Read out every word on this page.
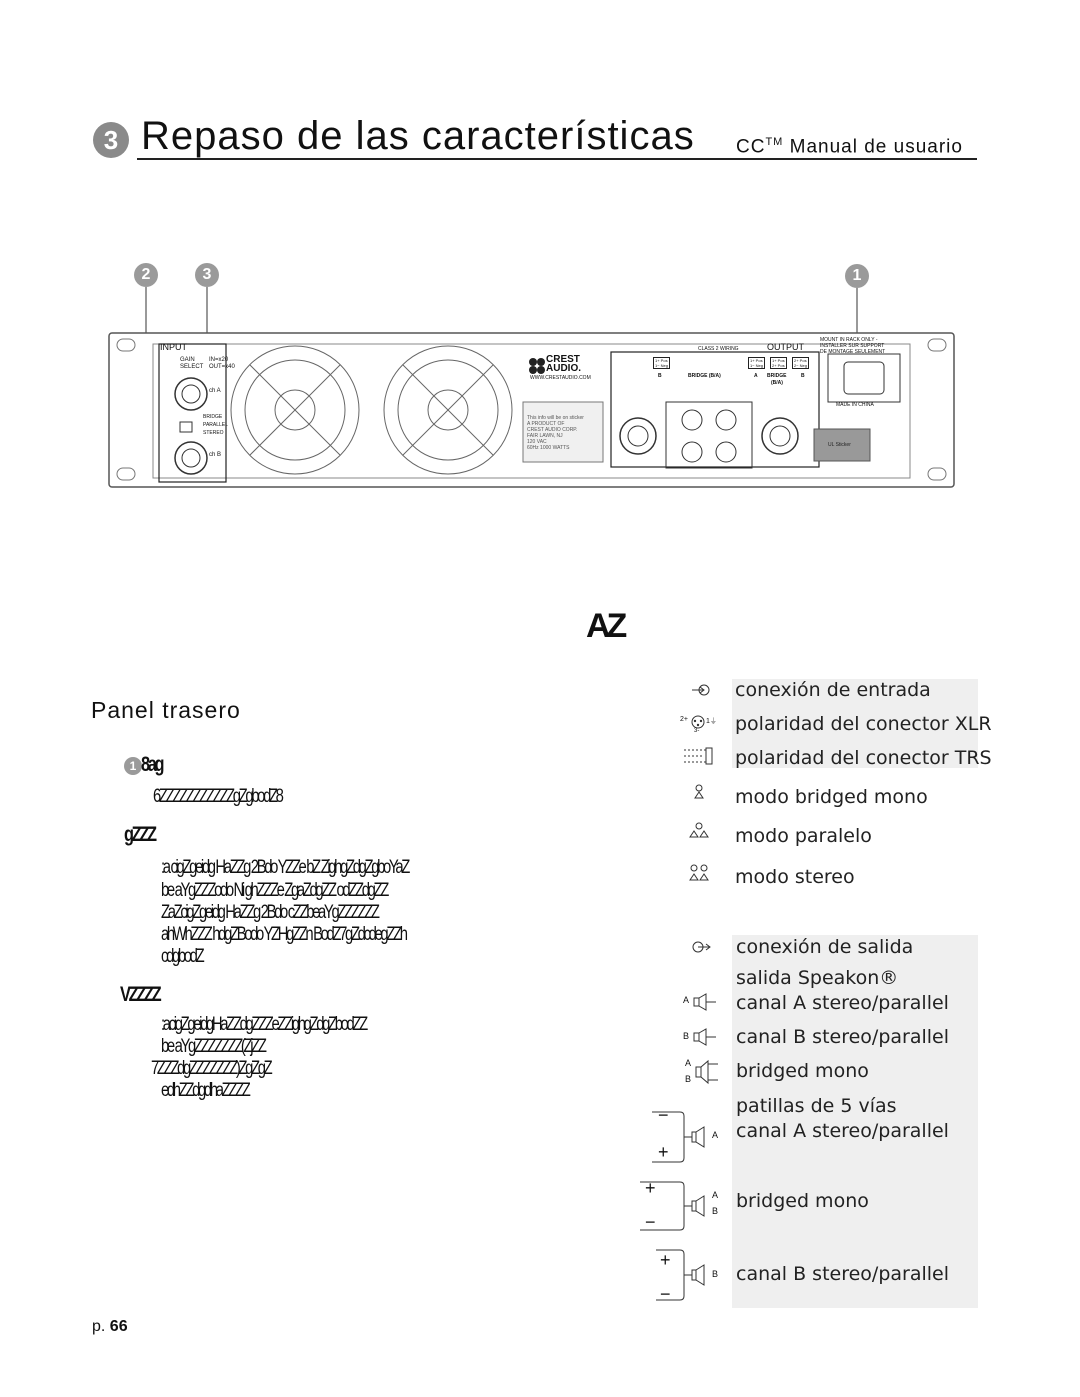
3 Repaso de las características CC™ Manual de usuario
2	3	1
INPUT
GAIN
SELECT
IN=x20
OUT=x40
ch A
ch B
BRIDGE
PARALLEL
STEREO
CREST
AUDIO.
WWW.CRESTAUDIO.COM
This info will be on sticker
A PRODUCT OF
CREST AUDIO CORP.
FAIR LAWN, NJ
120 VAC
60Hz 1000 WATTS
CLASS 2 WIRING	OUTPUT
1+ Pos
1− Neg
B	BRIDGE (B/A)
1+ Pos
1− Neg
1+ Pos
2+ Pos
2+ Pos
2− Neg
A BRIDGE
(B/A)
B
MOUNT IN RACK ONLY -
INSTALLER SUR SUPPORT
DE MONTAGE SEULEMENT
MADE IN CHINA
UL Sticker
AZ
Panel trasero
1 8ag
6ZZZZZZZZZZZgZgbodZ8
gZZZ
:a cigZgeidg HaZZg 2Bdo YZZe bZ ZighgZdgZgboYaZ
be aYgZZZodo Ni ghZZZe ZgaZdgZZ odZZdgZZ
ZaZcigZgeidg HaZZg 2Bdo cZZbeaYgZZZZZZ
ahWhZZZ hdgZBodo YZHgZZn BodZ7gZdcdegZZh
cdgbodZ
VZZZZ
:acigZgeidgHaZZdgZZZeZZighgZdgZbodZZ
be aYgZZZZZZZ(ZjZZ
7ZZZdgZZZZZZZ)ZgZgZ
edhZZdgdhaZZZZ
conexión de entrada
2+	1⏚
3- polaridad del conector XLR
polaridad del conector TRS
modo bridged mono
modo paralelo
modo stereo
conexión de salida
salida Speakon®
A canal A stereo/parallel
B canal B stereo/parallel
A
B bridged mono
patillas de 5 vías
−
+
A canal A stereo/parallel
+
−
A
B bridged mono
+
−
B canal B stereo/parallel
p. 66
